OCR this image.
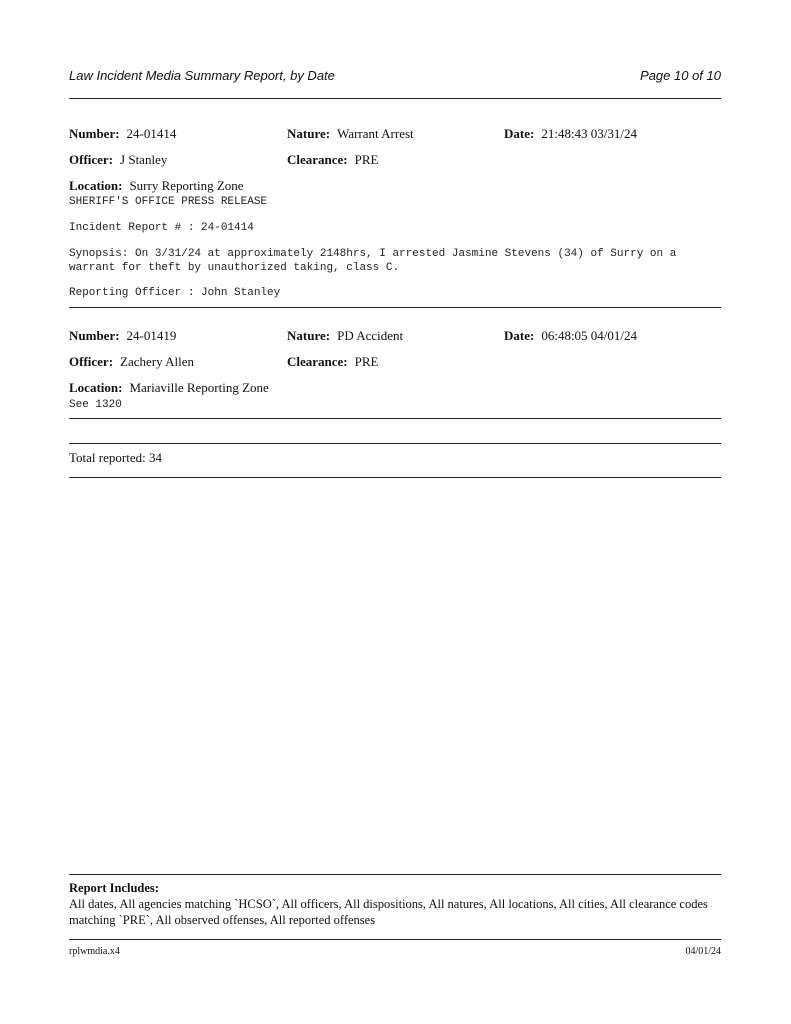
Law Incident Media Summary Report, by Date	Page 10 of 10
Number: 24-01414	Nature: Warrant Arrest	Date: 21:48:43 03/31/24
Officer: J Stanley	Clearance: PRE
Location: Surry Reporting Zone
SHERIFF'S OFFICE PRESS RELEASE
Incident Report # : 24-01414
Synopsis: On 3/31/24 at approximately 2148hrs, I arrested Jasmine Stevens (34) of Surry on a
warrant for theft by unauthorized taking, class C.
Reporting Officer : John Stanley
Number: 24-01419	Nature: PD Accident	Date: 06:48:05 04/01/24
Officer: Zachery Allen	Clearance: PRE
Location: Mariaville Reporting Zone
See 1320
Total reported: 34
Report Includes:
All dates, All agencies matching `HCSO`, All officers, All dispositions, All natures, All locations, All cities, All clearance codes matching `PRE`, All observed offenses, All reported offenses
rplwmdia.x4	04/01/24
